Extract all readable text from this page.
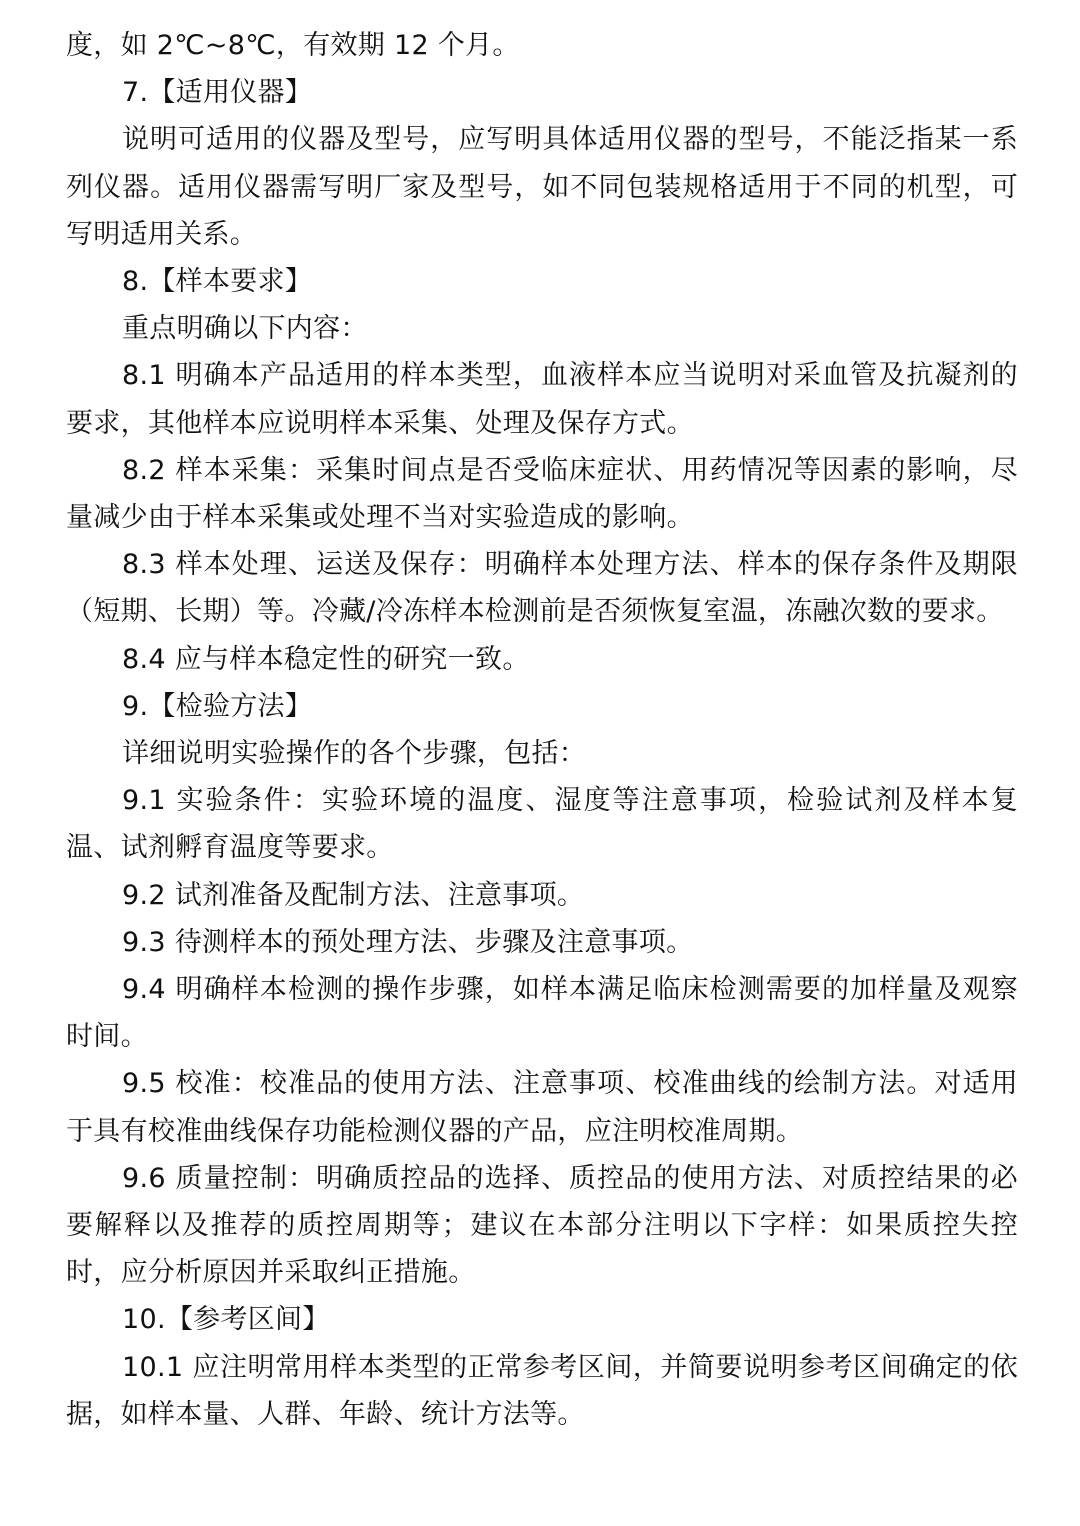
度，如 2℃~8℃，有效期 12 个月。

7.【适用仪器】

说明可适用的仪器及型号，应写明具体适用仪器的型号，不能泛指某一系列仪器。适用仪器需写明厂家及型号，如不同包装规格适用于不同的机型，可写明适用关系。

8.【样本要求】

重点明确以下内容：

8.1 明确本产品适用的样本类型，血液样本应当说明对采血管及抗凝剂的要求，其他样本应说明样本采集、处理及保存方式。

8.2 样本采集：采集时间点是否受临床症状、用药情况等因素的影响，尽量减少由于样本采集或处理不当对实验造成的影响。

8.3 样本处理、运送及保存：明确样本处理方法、样本的保存条件及期限（短期、长期）等。冷藏/冷冻样本检测前是否须恢复室温，冻融次数的要求。

8.4 应与样本稳定性的研究一致。

9.【检验方法】

详细说明实验操作的各个步骤，包括：

9.1 实验条件：实验环境的温度、湿度等注意事项，检验试剂及样本复温、试剂孵育温度等要求。

9.2 试剂准备及配制方法、注意事项。

9.3 待测样本的预处理方法、步骤及注意事项。

9.4 明确样本检测的操作步骤，如样本满足临床检测需要的加样量及观察时间。

9.5 校准：校准品的使用方法、注意事项、校准曲线的绘制方法。对适用于具有校准曲线保存功能检测仪器的产品，应注明校准周期。

9.6 质量控制：明确质控品的选择、质控品的使用方法、对质控结果的必要解释以及推荐的质控周期等；建议在本部分注明以下字样：如果质控失控时，应分析原因并采取纠正措施。

10.【参考区间】

10.1 应注明常用样本类型的正常参考区间，并简要说明参考区间确定的依据，如样本量、人群、年龄、统计方法等。
